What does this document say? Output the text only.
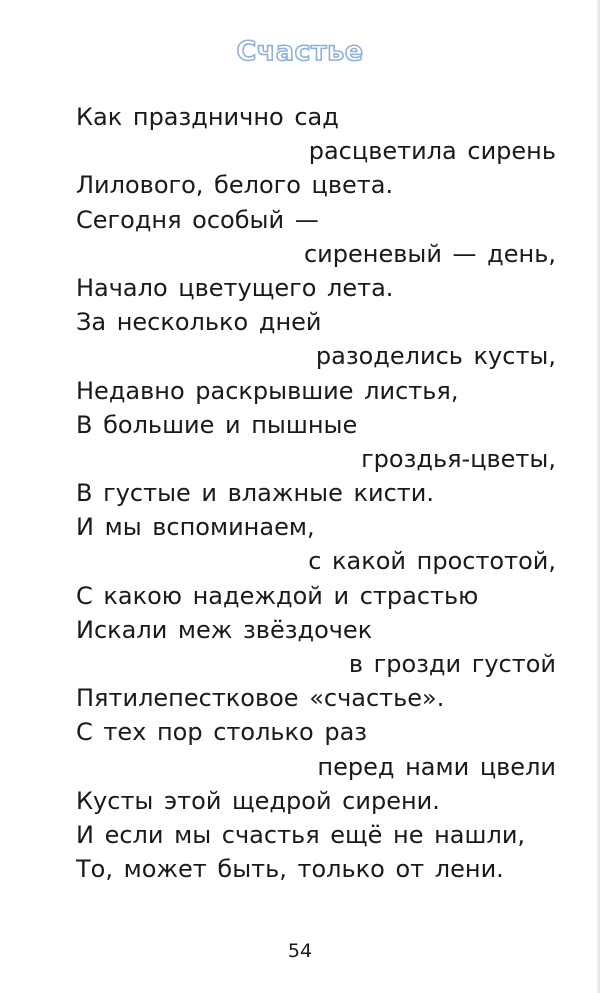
Счастье
Как празднично сад
расцветила сирень
Лилового, белого цвета.
Сегодня особый —
сиреневый — день,
Начало цветущего лета.
За несколько дней
разоделись кусты,
Недавно раскрывшие листья,
В большие и пышные
гроздья-цветы,
В густые и влажные кисти.
И мы вспоминаем,
с какой простотой,
С какою надеждой и страстью
Искали меж звёздочек
в грозди густой
Пятилепестковое «счастье».
С тех пор столько раз
перед нами цвели
Кусты этой щедрой сирени.
И если мы счастья ещё не нашли,
То, может быть, только от лени.
54
